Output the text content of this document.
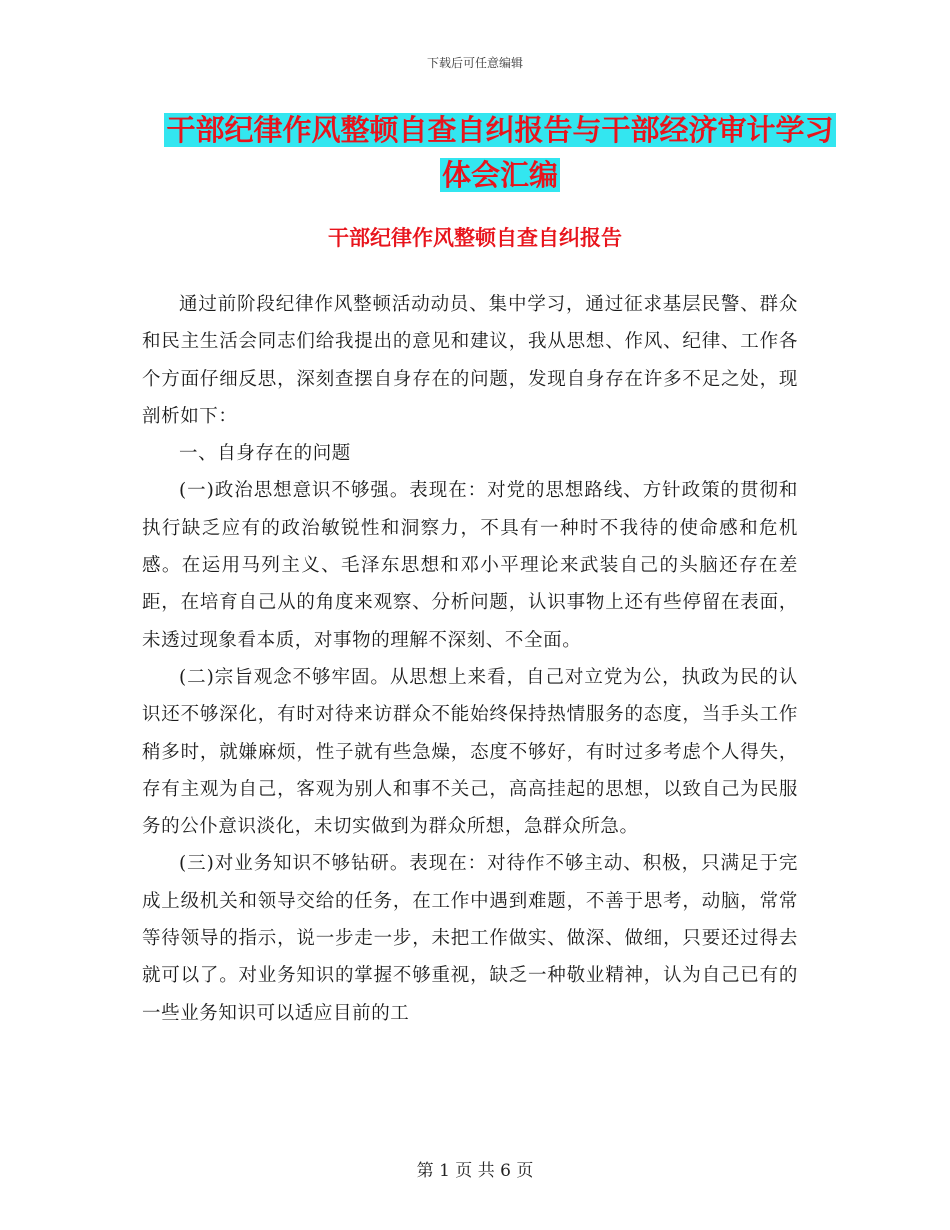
下载后可任意编辑
干部纪律作风整顿自查自纠报告与干部经济审计学习
体会汇编
干部纪律作风整顿自查自纠报告

通过前阶段纪律作风整顿活动动员、集中学习，通过征求基层民警、群众和民主生活会同志们给我提出的意见和建议，我从思想、作风、纪律、工作各个方面仔细反思，深刻查摆自身存在的问题，发现自身存在许多不足之处，现剖析如下：

一、自身存在的问题

(一)政治思想意识不够强。表现在：对党的思想路线、方针政策的贯彻和执行缺乏应有的政治敏锐性和洞察力，不具有一种时不我待的使命感和危机感。在运用马列主义、毛泽东思想和邓小平理论来武装自己的头脑还存在差距，在培育自己从的角度来观察、分析问题，认识事物上还有些停留在表面，未透过现象看本质，对事物的理解不深刻、不全面。

(二)宗旨观念不够牢固。从思想上来看，自己对立党为公，执政为民的认识还不够深化，有时对待来访群众不能始终保持热情服务的态度，当手头工作稍多时，就嫌麻烦，性子就有些急燥，态度不够好，有时过多考虑个人得失，存有主观为自己，客观为别人和事不关己，高高挂起的思想，以致自己为民服务的公仆意识淡化，未切实做到为群众所想，急群众所急。

(三)对业务知识不够钻研。表现在：对待作不够主动、积极，只满足于完成上级机关和领导交给的任务，在工作中遇到难题，不善于思考，动脑，常常等待领导的指示，说一步走一步，未把工作做实、做深、做细，只要还过得去就可以了。对业务知识的掌握不够重视，缺乏一种敬业精神，认为自己已有的一些业务知识可以适应目前的工

第 1 页 共 6 页
